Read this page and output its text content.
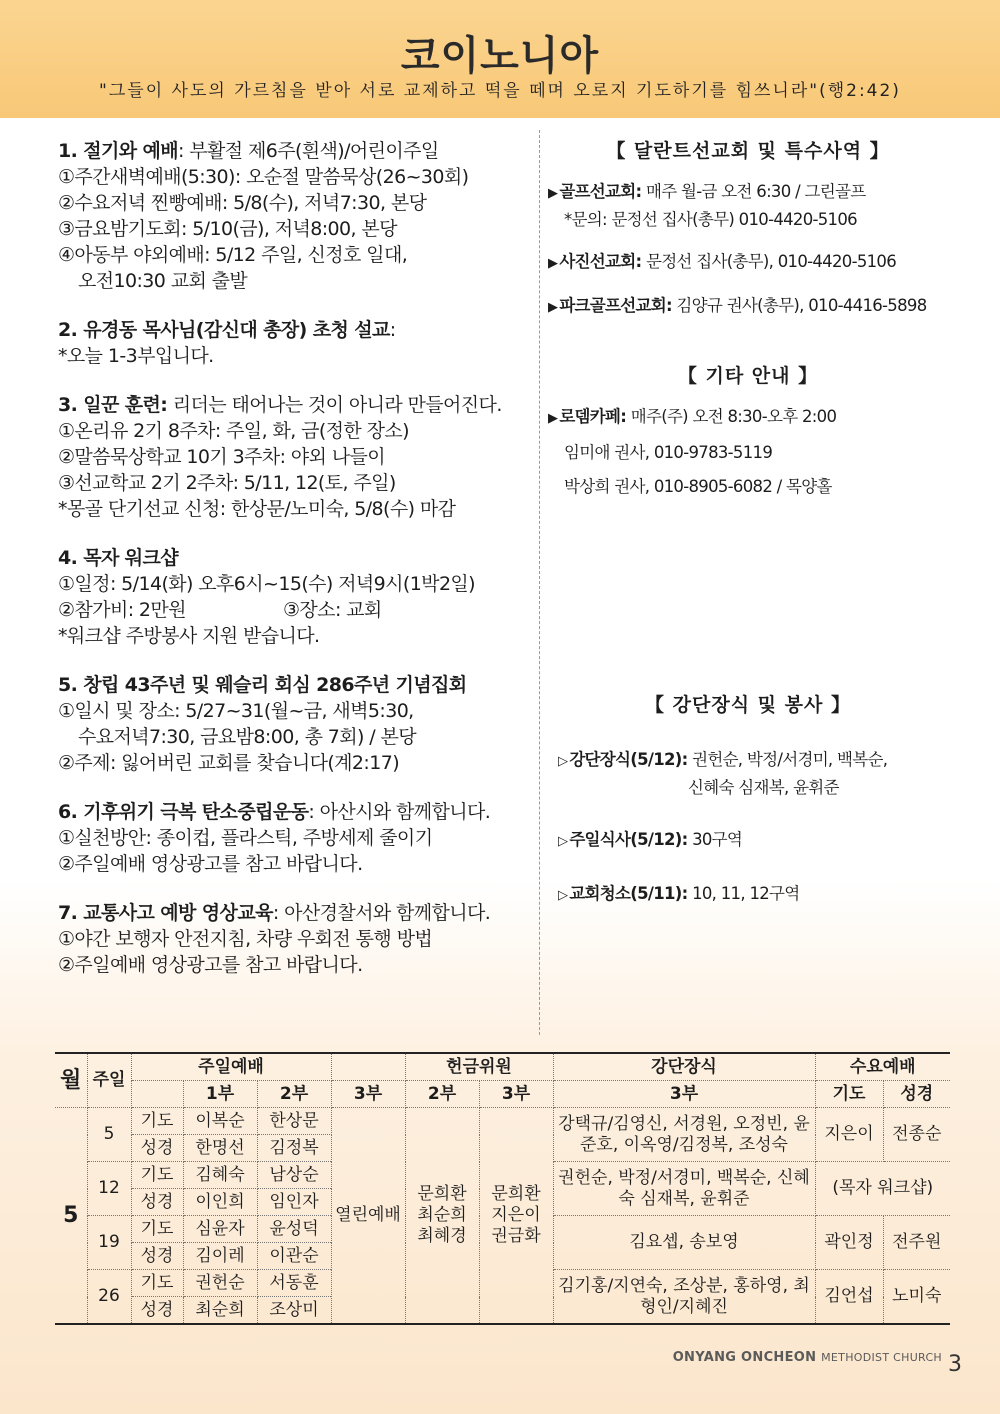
코이노니아
"그들이 사도의 가르침을 받아 서로 교제하고 떡을 떼며 오로지 기도하기를 힘쓰니라"(행2:42)
1. 절기와 예배: 부활절 제6주(흰색)/어린이주일
①주간새벽예배(5:30): 오순절 말씀묵상(26~30회)
②수요저녁 찐빵예배: 5/8(수), 저녁7:30, 본당
③금요밤기도회: 5/10(금), 저녁8:00, 본당
④아동부 야외예배: 5/12 주일, 신정호 일대,
오전10:30 교회 출발
2. 유경동 목사님(감신대 총장) 초청 설교:
*오늘 1-3부입니다.
3. 일꾼 훈련: 리더는 태어나는 것이 아니라 만들어진다.
①온리유 2기 8주차: 주일, 화, 금(정한 장소)
②말씀묵상학교 10기 3주차: 야외 나들이
③선교학교 2기 2주차: 5/11, 12(토, 주일)
*몽골 단기선교 신청: 한상문/노미숙, 5/8(수) 마감
4. 목자 워크샵
①일정: 5/14(화) 오후6시~15(수) 저녁9시(1박2일)
②참가비: 2만원	③장소: 교회
*워크샵 주방봉사 지원 받습니다.
5. 창립 43주년 및 웨슬리 회심 286주년 기념집회
①일시 및 장소: 5/27~31(월~금, 새벽5:30,
수요저녁7:30, 금요밤8:00, 총 7회) / 본당
②주제: 잃어버린 교회를 찾습니다(계2:17)
6. 기후위기 극복 탄소중립운동: 아산시와 함께합니다.
①실천방안: 종이컵, 플라스틱, 주방세제 줄이기
②주일예배 영상광고를 참고 바랍니다.
7. 교통사고 예방 영상교육: 아산경찰서와 함께합니다.
①야간 보행자 안전지침, 차량 우회전 통행 방법
②주일예배 영상광고를 참고 바랍니다.
【 달란트선교회 및 특수사역 】
▶ 골프선교회: 매주 월-금 오전 6:30 / 그린골프
*문의: 문정선 집사(총무) 010-4420-5106
▶ 사진선교회: 문정선 집사(총무), 010-4420-5106
▶ 파크골프선교회: 김양규 권사(총무), 010-4416-5898
【 기타 안내 】
▶ 로뎀카페: 매주(주) 오전 8:30-오후 2:00
임미애 권사, 010-9783-5119
박상희 권사, 010-8905-6082 / 목양홀
【 강단장식 및 봉사 】
▷ 강단장식(5/12): 권헌순, 박정/서경미, 백복순,
신혜숙 심재복, 윤휘준
▷ 주일식사(5/12): 30구역
▷ 교회청소(5/11): 10, 11, 12구역
월	주일	주일예배				헌금위원		강단장식	수요예배	
			1부	2부	3부	2부	3부	3부	기도	성경
5	5	기도	이복순	한상문	열린예배	문희환 최순희 최혜경	문희환 지은이 권금화	강택규/김영신, 서경원, 오정빈, 윤준호, 이옥영/김정복, 조성숙	지은이	전종순
		성경	한명선	김정복						
	12	기도	김혜숙	남상순				권헌순, 박정/서경미, 백복순, 신혜숙 심재복, 윤휘준	(목자 워크샵)	
		성경	이인희	임인자						
	19	기도	심윤자	윤성덕				김요셉, 송보영	곽인정	전주원
		성경	김이레	이관순						
	26	기도	권헌순	서동훈				김기홍/지연숙, 조상분, 홍하영, 최형인/지혜진	김언섭	노미숙
		성경	최순희	조상미						
ONYANG ONCHEON METHODIST CHURCH 3
